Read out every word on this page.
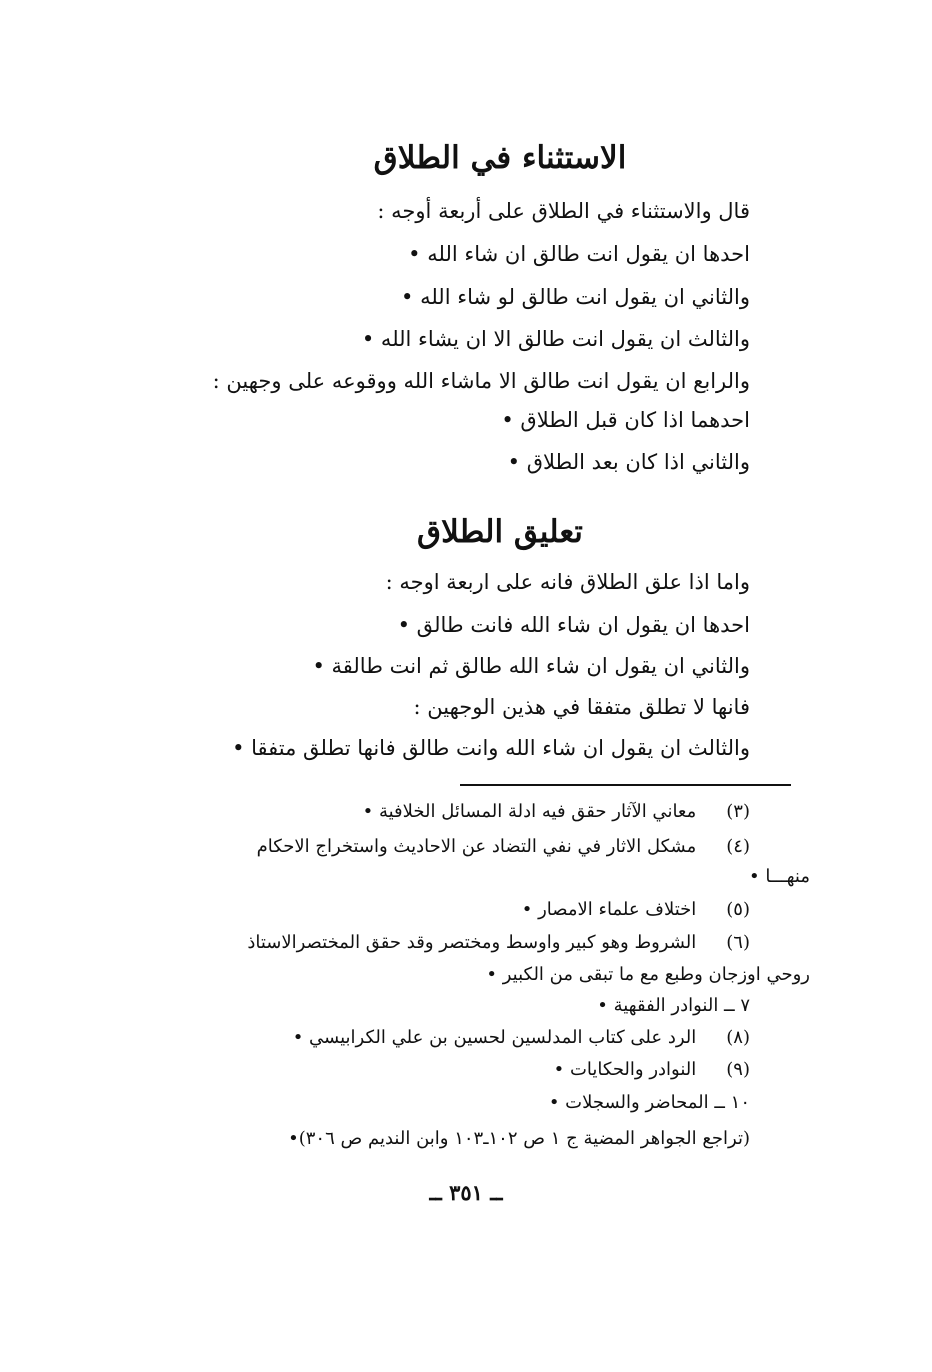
الاستثناء في الطلاق
قال والاستثناء في الطلاق على أربعة أوجه :
احدها ان يقول انت طالق ان شاء الله •
والثاني ان يقول انت طالق لو شاء الله •
والثالث ان يقول انت طالق الا ان يشاء الله •
والرابع ان يقول انت طالق الا ماشاء الله ووقوعه على وجهين :
احدهما اذا كان قبل الطلاق •
والثاني اذا كان بعد الطلاق •
تعليق الطلاق
واما اذا علق الطلاق فانه على اربعة اوجه :
احدها ان يقول ان شاء الله فانت طالق •
والثاني ان يقول ان شاء الله طالق ثم انت طالقة •
فانها لا تطلق متفقا في هذين الوجهين :
والثالث ان يقول ان شاء الله وانت طالق فانها تطلق متفقا •
(٣) معاني الآثار حقق فيه ادلة المسائل الخلافية •
(٤) مشكل الاثار في نفي التضاد عن الاحاديث واستخراج الاحكام
منهـــا •
(٥) اختلاف علماء الامصار •
(٦) الشروط وهو كبير واوسط ومختصر وقد حقق المختصرالاستاذ
روحي اوزجان وطبع مع ما تبقى من الكبير •
٧ ــ النوادر الفقهية •
(٨) الرد على كتاب المدلسين لحسين بن علي الكرابيسي •
(٩) النوادر والحكايات •
١٠ ــ المحاضر والسجلات •
(تراجع الجواهر المضية ج ١ ص ١٠٢ـ١٠٣ وابن النديم ص ٣٠٦)•
ــ ٣٥١ ــ
